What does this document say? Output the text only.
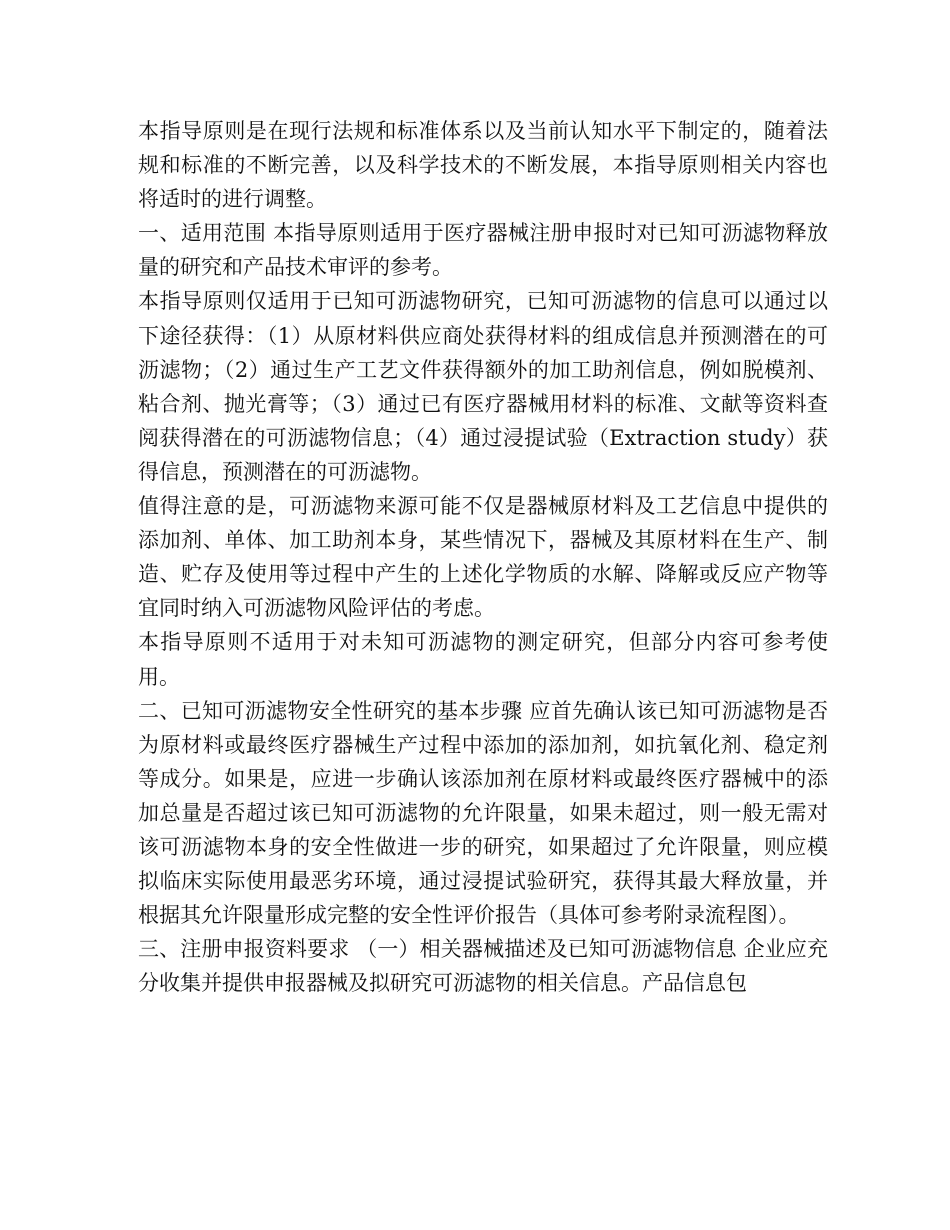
本指导原则是在现行法规和标准体系以及当前认知水平下制定的，随着法规和标准的不断完善，以及科学技术的不断发展，本指导原则相关内容也将适时的进行调整。

一、适用范围 本指导原则适用于医疗器械注册申报时对已知可沥滤物释放量的研究和产品技术审评的参考。

本指导原则仅适用于已知可沥滤物研究，已知可沥滤物的信息可以通过以下途径获得：（1）从原材料供应商处获得材料的组成信息并预测潜在的可沥滤物；（2）通过生产工艺文件获得额外的加工助剂信息，例如脱模剂、粘合剂、抛光膏等；（3）通过已有医疗器械用材料的标准、文献等资料查阅获得潜在的可沥滤物信息；（4）通过浸提试验（Extraction study）获得信息，预测潜在的可沥滤物。

值得注意的是，可沥滤物来源可能不仅是器械原材料及工艺信息中提供的添加剂、单体、加工助剂本身，某些情况下，器械及其原材料在生产、制造、贮存及使用等过程中产生的上述化学物质的水解、降解或反应产物等宜同时纳入可沥滤物风险评估的考虑。

本指导原则不适用于对未知可沥滤物的测定研究，但部分内容可参考使用。

二、已知可沥滤物安全性研究的基本步骤 应首先确认该已知可沥滤物是否为原材料或最终医疗器械生产过程中添加的添加剂，如抗氧化剂、稳定剂等成分。如果是，应进一步确认该添加剂在原材料或最终医疗器械中的添加总量是否超过该已知可沥滤物的允许限量，如果未超过，则一般无需对该可沥滤物本身的安全性做进一步的研究，如果超过了允许限量，则应模拟临床实际使用最恶劣环境，通过浸提试验研究，获得其最大释放量，并根据其允许限量形成完整的安全性评价报告（具体可参考附录流程图）。

三、注册申报资料要求 （一）相关器械描述及已知可沥滤物信息 企业应充分收集并提供申报器械及拟研究可沥滤物的相关信息。产品信息包
